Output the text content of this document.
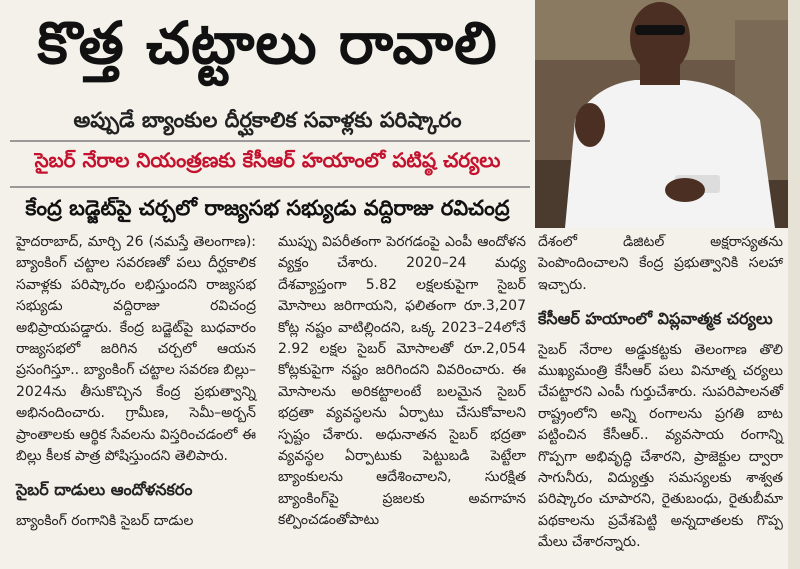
కొత్త చట్టాలు రావాలి
అప్పుడే బ్యాంకుల దీర్ఘకాలిక సవాళ్లకు పరిష్కారం
సైబర్ నేరాల నియంత్రణకు కేసీఆర్ హయాంలో పటిష్ఠ చర్యలు
కేంద్ర బడ్జెట్‌పై చర్చలో రాజ్యసభ సభ్యుడు వద్దిరాజు రవిచంద్ర

హైదరాబాద్, మార్చి 26 (నమస్తే తెలంగాణ): బ్యాంకింగ్ చట్టాల సవరణతో పలు దీర్ఘకాలిక సవాళ్లకు పరిష్కారం లభిస్తుందని రాజ్యసభ సభ్యుడు వద్దిరాజు రవిచంద్ర అభిప్రాయపడ్డారు. కేంద్ర బడ్జెట్‌పై బుధవారం రాజ్యసభలో జరిగిన చర్చలో ఆయన ప్రసంగిస్తూ.. బ్యాంకింగ్ చట్టాల సవరణ బిల్లు–2024ను తీసుకొచ్చిన కేంద్ర ప్రభుత్వాన్ని అభినందించారు. గ్రామీణ, సెమీ–అర్బన్ ప్రాంతాలకు ఆర్థిక సేవలను విస్తరించడంలో ఈ బిల్లు కీలక పాత్ర పోషిస్తుందని తెలిపారు.

సైబర్ దాడులు ఆందోళనకరం

బ్యాంకింగ్ రంగానికి సైబర్ దాడుల

ముప్పు విపరీతంగా పెరగడంపై ఎంపీ ఆందోళన వ్యక్తం చేశారు. 2020–24 మధ్య దేశవ్యాప్తంగా 5.82 లక్షలకుపైగా సైబర్ మోసాలు జరిగాయని, ఫలితంగా రూ.3,207 కోట్ల నష్టం వాటిల్లిందని, ఒక్క 2023–24లోనే 2.92 లక్షల సైబర్ మోసాలతో రూ.2,054 కోట్లకుపైగా నష్టం జరిగిందని వివరించారు. ఈ మోసాలను అరికట్టాలంటే బలమైన సైబర్ భద్రతా వ్యవస్థలను ఏర్పాటు చేసుకోవాలని స్పష్టం చేశారు. అధునాతన సైబర్ భద్రతా వ్యవస్థల ఏర్పాటుకు పెట్టుబడి పెట్టేలా బ్యాంకులను ఆదేశించాలని, సురక్షిత బ్యాంకింగ్‌పై ప్రజలకు అవగాహన కల్పించడంతోపాటు

దేశంలో డిజిటల్ అక్షరాస్యతను పెంపొందించాలని కేంద్ర ప్రభుత్వానికి సలహా ఇచ్చారు.

కేసీఆర్ హయాంలో విప్లవాత్మక చర్యలు

సైబర్ నేరాల అడ్డుకట్టకు తెలంగాణ తొలి ముఖ్యమంత్రి కేసీఆర్ పలు వినూత్న చర్యలు చేపట్టారని ఎంపీ గుర్తుచేశారు. సుపరిపాలనతో రాష్ట్రంలోని అన్ని రంగాలను ప్రగతి బాట పట్టించిన కేసీఆర్.. వ్యవసాయ రంగాన్ని గొప్పగా అభివృద్ధి చేశారని, ప్రాజెక్టుల ద్వారా సాగునీరు, విద్యుత్తు సమస్యలకు శాశ్వత పరిష్కారం చూపారని, రైతుబంధు, రైతుబీమా పథకాలను ప్రవేశపెట్టి అన్నదాతలకు గొప్ప మేలు చేశారన్నారు.
